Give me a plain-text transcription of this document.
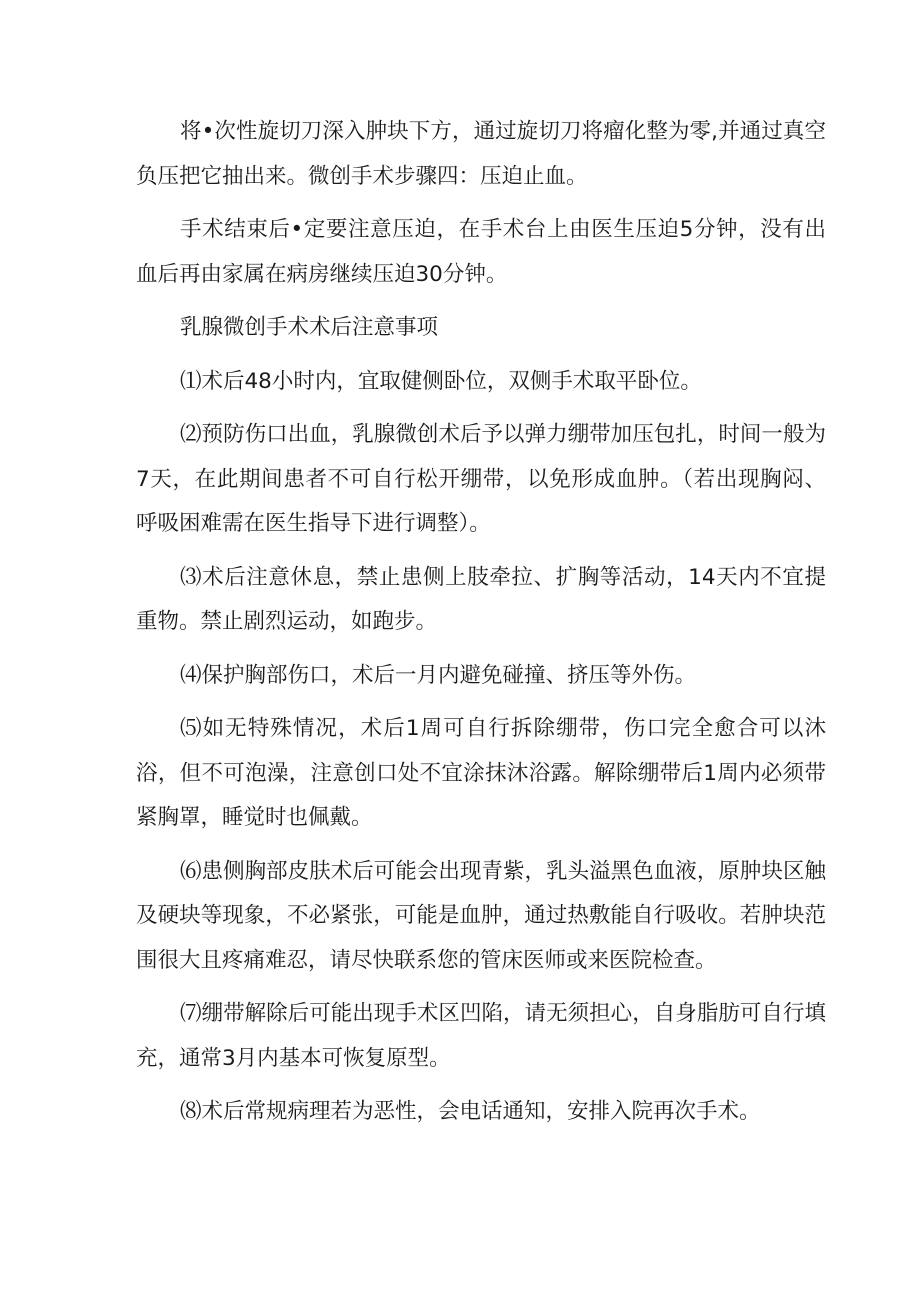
将•次性旋切刀深入肿块下方，通过旋切刀将瘤化整为零,并通过真空负压把它抽出来。微创手术步骤四：压迫止血。

手术结束后•定要注意压迫，在手术台上由医生压迫5分钟，没有出血后再由家属在病房继续压迫30分钟。

乳腺微创手术术后注意事项

⑴术后48小时内，宜取健侧卧位，双侧手术取平卧位。

⑵预防伤口出血，乳腺微创术后予以弹力绷带加压包扎，时间一般为7天，在此期间患者不可自行松开绷带，以免形成血肿。（若出现胸闷、呼吸困难需在医生指导下进行调整）。

⑶术后注意休息，禁止患侧上肢牵拉、扩胸等活动，14天内不宜提重物。禁止剧烈运动，如跑步。

⑷保护胸部伤口，术后一月内避免碰撞、挤压等外伤。

⑸如无特殊情况，术后1周可自行拆除绷带，伤口完全愈合可以沐浴，但不可泡澡，注意创口处不宜涂抹沐浴露。解除绷带后1周内必须带紧胸罩，睡觉时也佩戴。

⑹患侧胸部皮肤术后可能会出现青紫，乳头溢黑色血液，原肿块区触及硬块等现象，不必紧张，可能是血肿，通过热敷能自行吸收。若肿块范围很大且疼痛难忍，请尽快联系您的管床医师或来医院检查。

⑺绷带解除后可能出现手术区凹陷，请无须担心，自身脂肪可自行填充，通常3月内基本可恢复原型。

⑻术后常规病理若为恶性，会电话通知，安排入院再次手术。
